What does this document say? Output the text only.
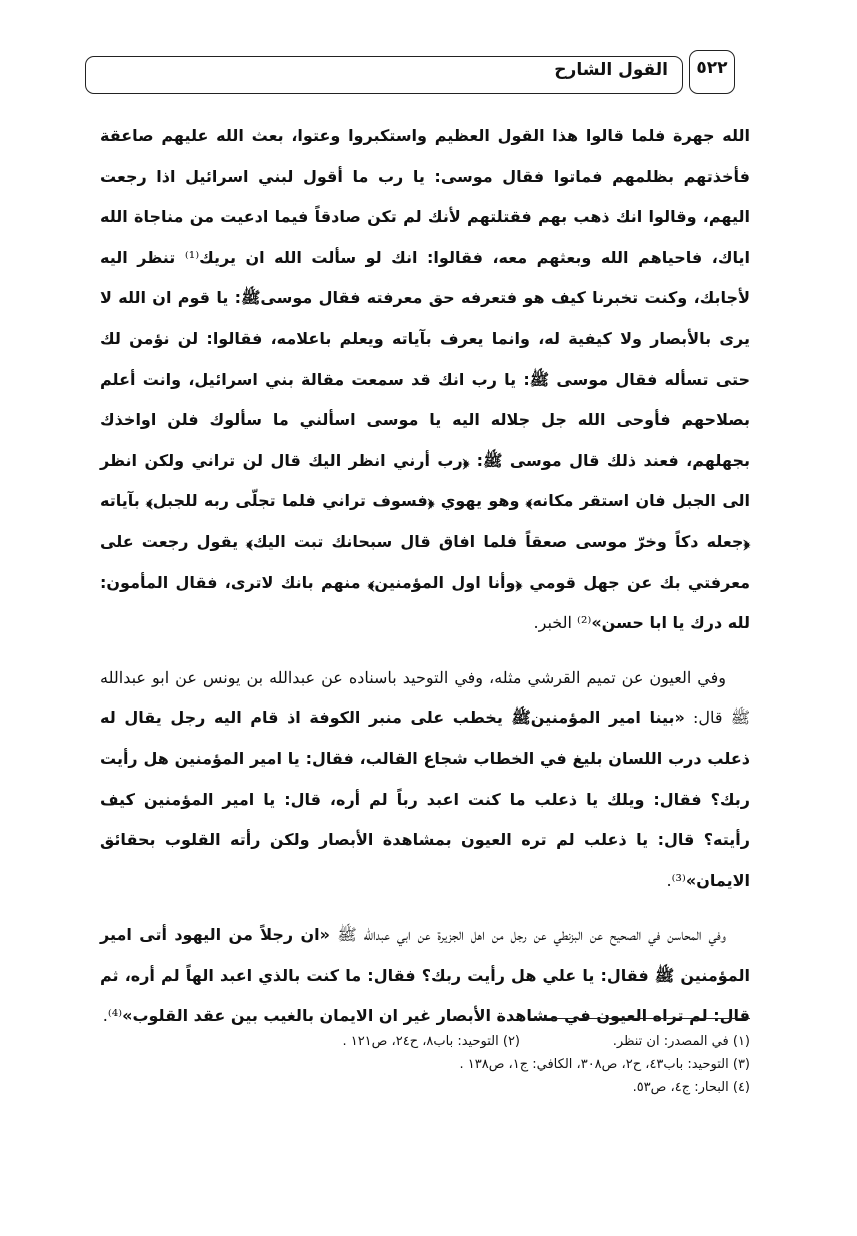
القول الشارح	٥٢٢

الله جهرة فلما قالوا هذا القول العظيم واستكبروا وعتوا، بعث الله عليهم صاعقة فأخذتهم بظلمهم فماتوا فقال موسى: يا رب ما أقول لبني اسرائيل اذا رجعت اليهم، وقالوا انك ذهب بهم فقتلتهم لأنك لم تكن صادقاً فيما ادعيت من مناجاة الله اياك، فاحياهم الله وبعثهم معه، فقالوا: انك لو سألت الله ان يريك⁽¹⁾ تنظر اليه لأجابك، وكنت تخبرنا كيف هو فتعرفه حق معرفته فقال موسىﷺ: يا قوم ان الله لا يرى بالأبصار ولا كيفية له، وانما يعرف بآياته ويعلم باعلامه، فقالوا: لن نؤمن لك حتى تسأله فقال موسى ﷺ: يا رب انك قد سمعت مقالة بني اسرائيل، وانت أعلم بصلاحهم فأوحى الله جل جلاله اليه يا موسى اسألني ما سألوك فلن اواخذك بجهلهم، فعند ذلك قال موسى ﷺ: ﴿رب أرني انظر اليك قال لن تراني ولكن انظر الى الجبل فان استقر مكانه﴾ وهو يهوي ﴿فسوف تراني فلما تجلّى ربه للجبل﴾ بآياته ﴿جعله دكاً وخرّ موسى صعقاً فلما افاق قال سبحانك تبت اليك﴾ يقول رجعت على معرفتي بك عن جهل قومي ﴿وأنا اول المؤمنين﴾ منهم بانك لاترى، فقال المأمون: لله درك يا ابا حسن»⁽²⁾ الخبر.

وفي العيون عن تميم القرشي مثله، وفي التوحيد باسناده عن عبدالله بن يونس عن ابو عبدالله ﷺ قال: «بينا امير المؤمنينﷺ يخطب على منبر الكوفة اذ قام اليه رجل يقال له ذعلب درب اللسان بليغ في الخطاب شجاع القالب، فقال: يا امير المؤمنين هل رأيت ربك؟ فقال: ويلك يا ذعلب ما كنت اعبد رباً لم أره، قال: يا امير المؤمنين كيف رأيته؟ قال: يا ذعلب لم تره العيون بمشاهدة الأبصار ولكن رأته القلوب بحقائق الايمان»⁽³⁾.

وفي المحاسن في الصحيح عن البزنطي عن رجل من اهل الجزيرة عن ابي عبدالله ﷺ «ان رجلاً من اليهود أتى امير المؤمنين ﷺ فقال: يا علي هل رأيت ربك؟ فقال: ما كنت بالذي اعبد الهاً لم أره، ثم قال: لم تراه العيون في مشاهدة الأبصار غير ان الايمان بالغيب بين عقد القلوب»⁽⁴⁾.

(١) في المصدر: ان تنظر.
(٢) التوحيد: باب٨، ح٢٤، ص١٢١ .
(٣) التوحيد: باب٤٣، ح٢، ص٣٠٨، الكافي: ج١، ص١٣٨ .
(٤) البحار: ج٤، ص٥٣.
